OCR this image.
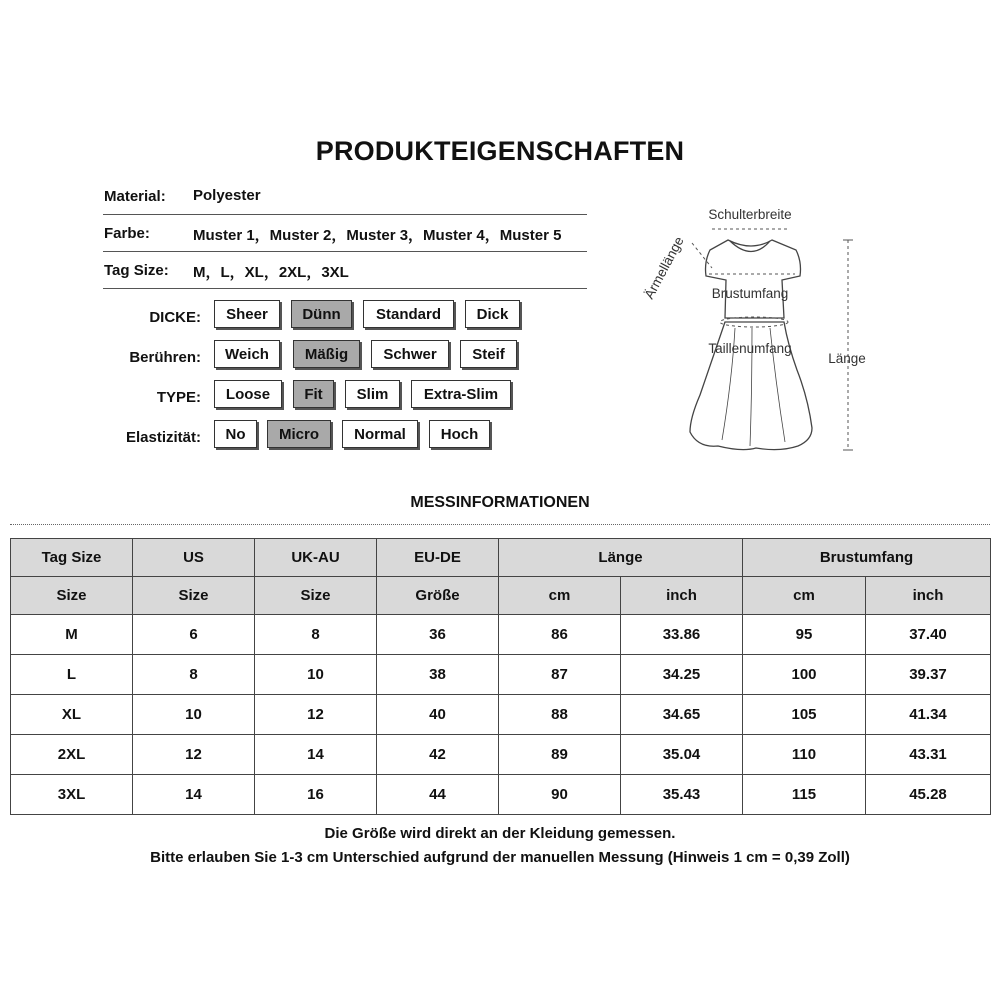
PRODUKTEIGENSCHAFTEN
Material: Polyester
Farbe:	Muster 1，Muster 2，Muster 3，Muster 4，Muster 5
Tag Size: M，L，XL，2XL，3XL
DICKE:	Sheer	Dünn	Standard	Dick
Berühren:	Weich	Mäßig	Schwer	Steif
TYPE:	Loose	Fit	Slim	Extra-Slim
Elastizität:	No	Micro	Normal	Hoch
Schulterbreite
Brustumfang
Taillenumfang
Länge
Ärmellänge
MESSINFORMATIONEN
Tag Size	US	UK-AU	EU-DE	Länge		Brustumfang	
Size	Size	Size	Größe	cm	inch	cm	inch
M	6	8	36	86	33.86	95	37.40
L	8	10	38	87	34.25	100	39.37
XL	10	12	40	88	34.65	105	41.34
2XL	12	14	42	89	35.04	110	43.31
3XL	14	16	44	90	35.43	115	45.28
Die Größe wird direkt an der Kleidung gemessen.
Bitte erlauben Sie 1-3 cm Unterschied aufgrund der manuellen Messung (Hinweis 1 cm = 0,39 Zoll)
